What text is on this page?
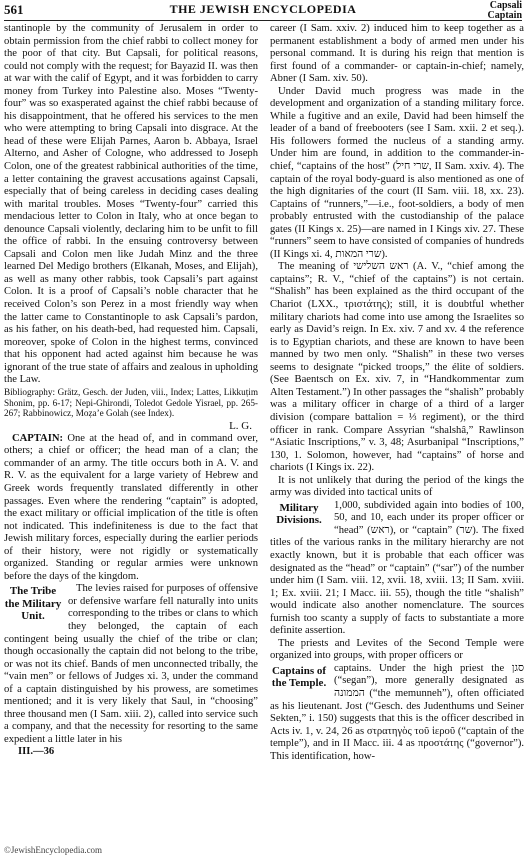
561	THE JEWISH ENCYCLOPEDIA	Capsali
Captain

stantinople by the community of Jerusalem in order to obtain permission from the chief rabbi to collect money for the poor of that city. But Capsali, for political reasons, could not comply with the request; for Bayazid II. was then at war with the calif of Egypt, and it was forbidden to carry money from Turkey into Palestine also. Moses “Twenty-four” was so exasperated against the chief rabbi because of his disappointment, that he offered his services to the men who were attempting to bring Capsali into disgrace. At the head of these were Elijah Parnes, Aaron b. Abbaya, Israel Alterno, and Asher of Cologne, who addressed to Joseph Colon, one of the greatest rabbinical authorities of the time, a letter containing the gravest accusations against Capsali, especially that of being careless in deciding cases dealing with marital troubles. Moses “Twenty-four” carried this mendacious letter to Colon in Italy, who at once began to denounce Capsali violently, declaring him to be unfit to fill the office of rabbi. In the ensuing controversy between Capsali and Colon men like Judah Minz and the three learned Del Medigo brothers (Elkanah, Moses, and Elijah), as well as many other rabbis, took Capsali’s part against Colon. It is a proof of Capsali’s noble character that he received Colon’s son Perez in a most friendly way when the latter came to Constantinople to ask Capsali’s pardon, as his father, on his death-bed, had requested him. Capsali, moreover, spoke of Colon in the highest terms, convinced that his opponent had acted against him because he was ignorant of the true state of affairs and zealous in upholding the Law.

Bibliography: Grätz, Gesch. der Juden, viii., Index; Lattes, Likkuṭim Shonim, pp. 6-17; Nepi-Ghirondi, Toledot Gedole Yisrael, pp. 265-267; Rabbinowicz, Moẓa’e Golah (see Index).

L. G.

CAPTAIN: One at the head of, and in command over, others; a chief or officer; the head man of a clan; the commander of an army. The title occurs both in A. V. and R. V. as the equivalent for a large variety of Hebrew and Greek words frequently translated differently in other passages. Even where the rendering “captain” is adopted, the exact military or official implication of the title is often not indicated. This indefiniteness is due to the fact that Jewish military forces, especially during the earlier periods of their history, were not rigidly or systematically organized. Standing or regular armies were unknown before the days of the kingdom.

The Tribe the Military Unit.

The levies raised for purposes of offensive or defensive warfare fell naturally into units corresponding to the tribes or clans to which they belonged, the captain of each contingent being usually the chief of the tribe or clan; though occasionally the captain did not belong to the tribe, or was not its chief. Bands of men unconnected tribally, the “vain men” or fellows of Judges xi. 3, under the command of a captain distinguished by his prowess, are sometimes mentioned; and it is very likely that Saul, in “choosing” three thousand men (I Sam. xiii. 2), called into service such a company, and that the necessity for resorting to the same expedient a little later in his

III.—36

career (I Sam. xxiv. 2) induced him to keep together as a permanent establishment a body of armed men under his personal command. It is during his reign that mention is first found of a commander- or captain-in-chief; namely, Abner (I Sam. xiv. 50).

Under David much progress was made in the development and organization of a standing military force. While a fugitive and an exile, David had been himself the leader of a band of freebooters (see I Sam. xxii. 2 et seq.). His followers formed the nucleus of a standing army. Under him are found, in addition to the commander-in-chief, “captains of the host” (שרי חיל, II Sam. xxiv. 4). The captain of the royal body-guard is also mentioned as one of the high dignitaries of the court (II Sam. viii. 18, xx. 23). Captains of “runners,”—i.e., foot-soldiers, a body of men probably entrusted with the custodianship of the palace gates (II Kings x. 25)—are named in I Kings xiv. 27. These “runners” seem to have consisted of companies of hundreds (II Kings xi. 4, שרי המאות).

The meaning of ראש השלישי (A. V., “chief among the captains”; R. V., “chief of the captains”) is not certain. “Shalish” has been explained as the third occupant of the Chariot (LXX., τριστάτης); still, it is doubtful whether military chariots had come into use among the Israelites so early as David’s reign. In Ex. xiv. 7 and xv. 4 the reference is to Egyptian chariots, and these are known to have been manned by two men only. “Shalish” in these two verses seems to designate “picked troops,” the élite of soldiers. (See Baentsch on Ex. xiv. 7, in “Handkommentar zum Alten Testament.”) In other passages the “shalish” probably was a military officer in charge of a third of a larger division (compare battalion = ⅓ regiment), or the third officer in rank. Compare Assyrian “shalshâ,” Rawlinson “Asiatic Inscriptions,” v. 3, 48; Asurbanipal “Inscriptions,” 130, 1. Solomon, however, had “captains” of horse and chariots (I Kings ix. 22).

It is not unlikely that during the period of the kings the army was divided into tactical units of

Military Divisions.

1,000, subdivided again into bodies of 100, 50, and 10, each under its proper officer or “head” (ראש), or “captain” (שר). The fixed titles of the various ranks in the military hierarchy are not exactly known, but it is probable that each officer was designated as the “head” or “captain” (“sar”) of the number under him (I Sam. viii. 12, xvii. 18, xviii. 13; II Sam. xviii. 1; Ex. xviii. 21; I Macc. iii. 55), though the title “shalish” would indicate also another nomenclature. The sources furnish too scanty a supply of facts to substantiate a more definite assertion.

The priests and Levites of the Second Temple were organized into groups, with proper officers or

Captains of the Temple.

captains. Under the high priest the סגן (“segan”), more generally designated as הממונה (“the memunneh”), often officiated as his lieutenant. Jost (“Gesch. des Judenthums und Seiner Sekten,” i. 150) suggests that this is the officer described in Acts iv. 1, v. 24, 26 as στρατηγὸς τοῦ ἱεροῦ (“captain of the temple”), and in II Macc. iii. 4 as προστάτης (“governor”). This identification, how-

©JewishEncyclopedia.com
